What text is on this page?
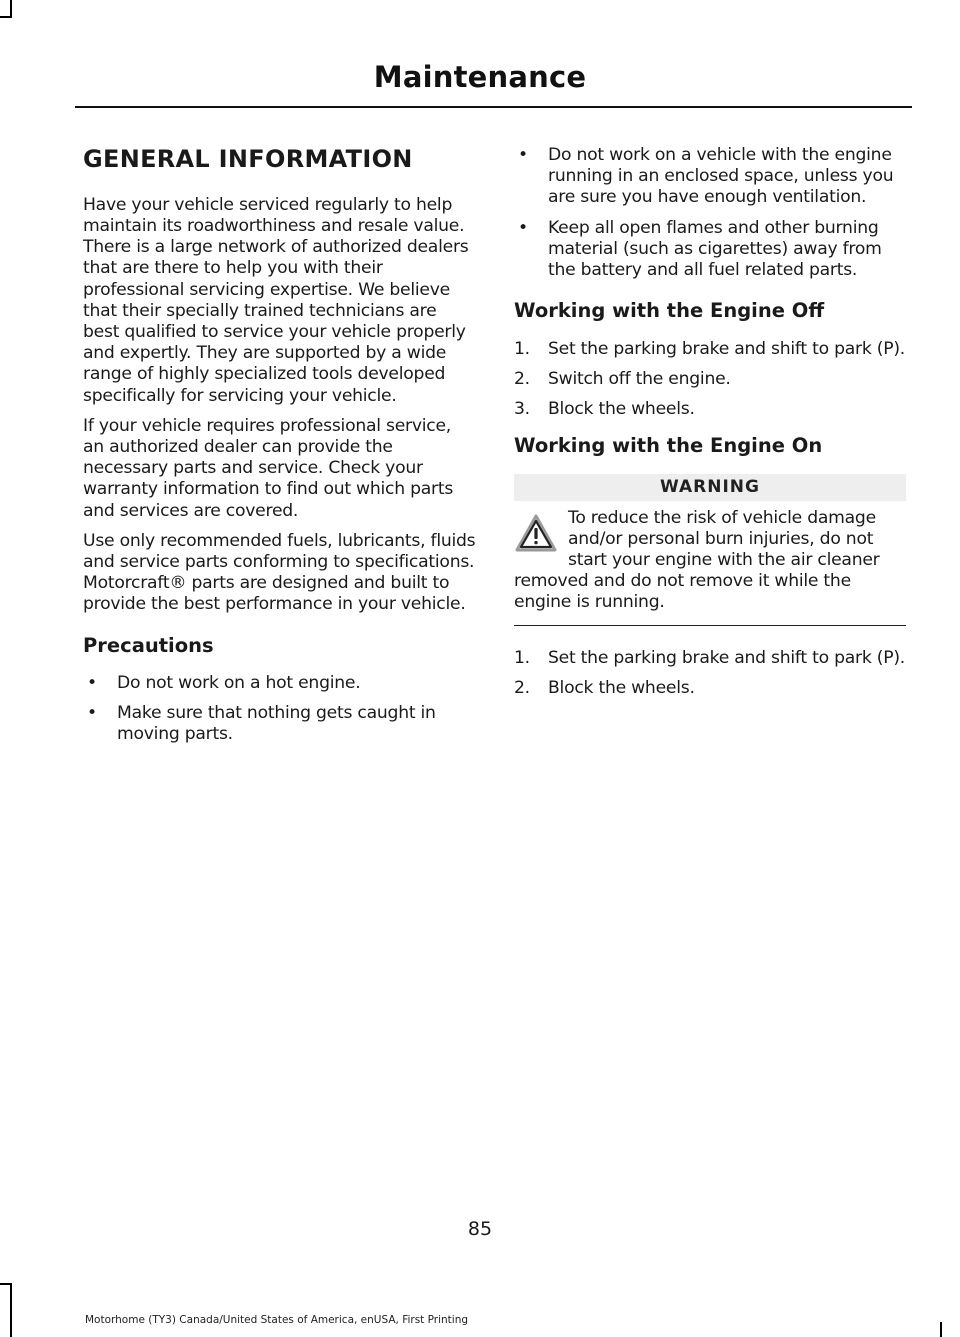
Maintenance
GENERAL INFORMATION

Have your vehicle serviced regularly to help maintain its roadworthiness and resale value. There is a large network of authorized dealers that are there to help you with their professional servicing expertise. We believe that their specially trained technicians are best qualified to service your vehicle properly and expertly. They are supported by a wide range of highly specialized tools developed specifically for servicing your vehicle.

If your vehicle requires professional service, an authorized dealer can provide the necessary parts and service. Check your warranty information to find out which parts and services are covered.

Use only recommended fuels, lubricants, fluids and service parts conforming to specifications. Motorcraft® parts are designed and built to provide the best performance in your vehicle.

Precautions
• Do not work on a hot engine.
• Make sure that nothing gets caught in moving parts.
• Do not work on a vehicle with the engine running in an enclosed space, unless you are sure you have enough ventilation.
• Keep all open flames and other burning material (such as cigarettes) away from the battery and all fuel related parts.
Working with the Engine Off
1. Set the parking brake and shift to park (P).
2. Switch off the engine.
3. Block the wheels.
Working with the Engine On
WARNING
To reduce the risk of vehicle damage and/or personal burn injuries, do not start your engine with the air cleaner removed and do not remove it while the engine is running.
1. Set the parking brake and shift to park (P).
2. Block the wheels.
85
Motorhome (TY3) Canada/United States of America, enUSA, First Printing
